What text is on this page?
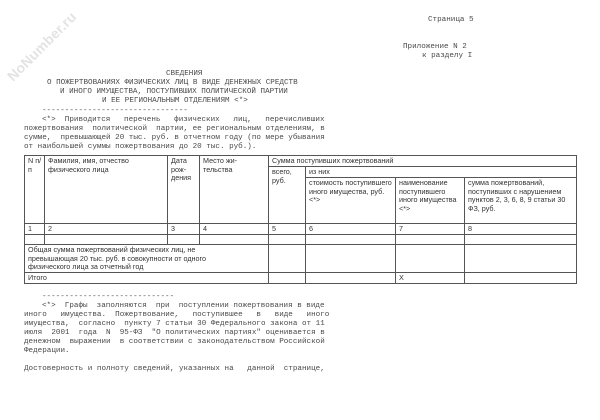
NoNumber.ru	Страница 5
Приложение N 2
к разделу I
СВЕДЕНИЯ
О ПОЖЕРТВОВАНИЯХ ФИЗИЧЕСКИХ ЛИЦ В ВИДЕ ДЕНЕЖНЫХ СРЕДСТВ
И ИНОГО ИМУЩЕСТВА, ПОСТУПИВШИХ ПОЛИТИЧЕСКОЙ ПАРТИИ
И ЕЕ РЕГИОНАЛЬНЫМ ОТДЕЛЕНИЯМ <*>
--------------------------------
<*>  Приводится   перечень   физических   лиц,   перечисливших
пожертвования  политической  партии, ее региональным отделениям, в
сумме,  превышающей 20 тыс. руб. в отчетном году (по мере убывания
от наибольшей суммы пожертвования до 20 тыс. руб.).
N п/п	Фамилия, имя, отчество физического лица	Дата рож-дения	Место жи-тельства	Сумма поступивших пожертвований			
				всего, руб.	из них		
					стоимость поступившего иного имущества, руб. <*>	наименование поступившего иного имущества <*>	сумма пожертвований, поступивших с нарушением пунктов 2, 3, 6, 8, 9 статьи 30 ФЗ, руб.
1	2	3	4	5	6	7	8

Общая сумма пожертвований физических лиц, не превышающая 20 тыс. руб. в совокупности от одного физического лица за отчетный год							
Итого						X	
-----------------------------
<*>  Графы  заполняются  при  поступлении пожертвования в виде
иного   имущества.  Пожертвование,   поступившее   в   виде   иного
имущества,  согласно  пункту 7 статьи 30 Федерального закона от 11
июля  2001  года  N  95-ФЗ  "О политических партиях" оценивается в
денежном  выражении  в соответствии с законодательством Российской
Федерации.
Достоверность и полноту сведений, указанных на   данной  странице,
